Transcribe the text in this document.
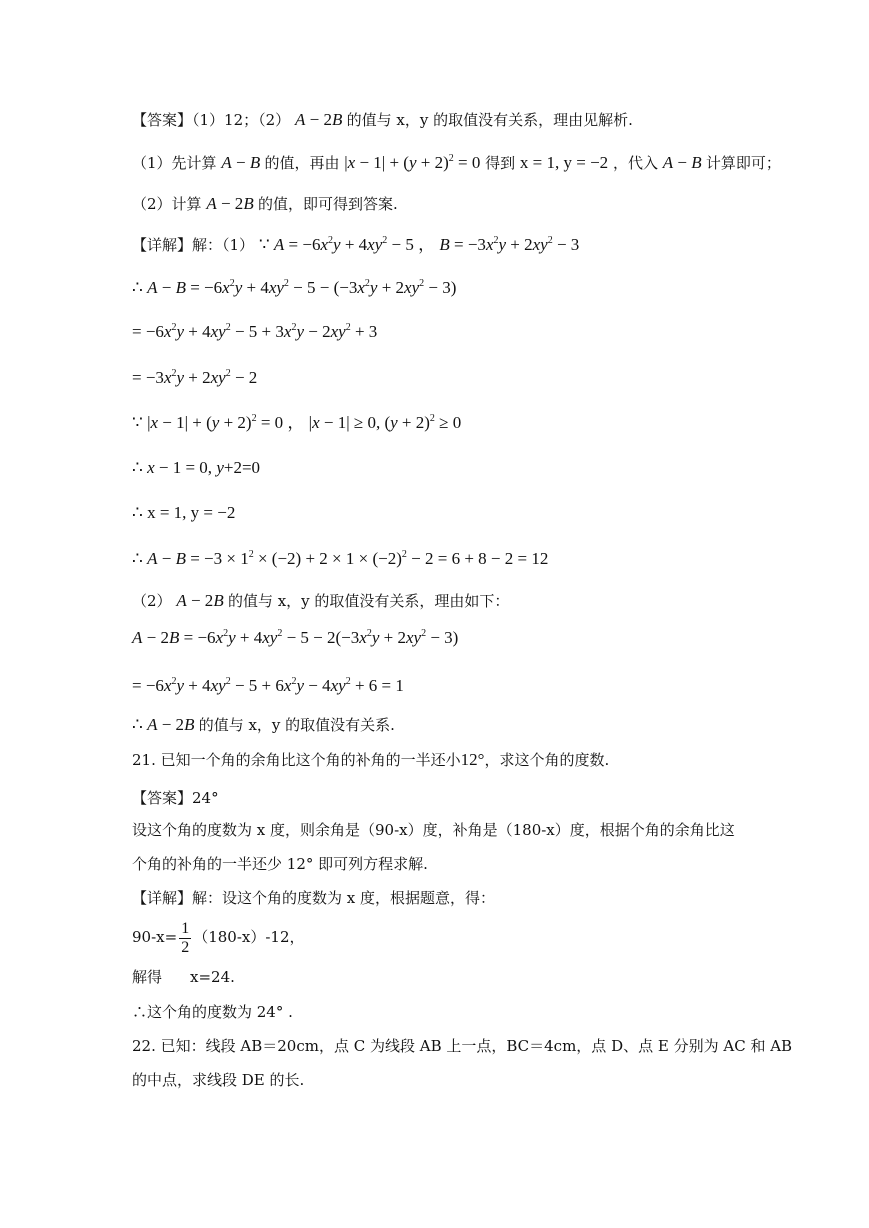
【答案】（1）12；（2） A − 2B 的值与 x，y 的取值没有关系，理由见解析.
（1）先计算 A − B 的值，再由 $|x - 1| + (y + 2)^2 = 0$ 得到 x = 1, y = −2 ，代入 A − B 计算即可；
（2）计算 A − 2B 的值，即可得到答案.
【详解】解：（1） ∵ $A = -6x^2y + 4xy^2 - 5$ ， $B = -3x^2y + 2xy^2 - 3$
∴ $A - B = -6x^2y + 4xy^2 - 5 - (-3x^2y + 2xy^2 - 3)$
= $-6x^2y + 4xy^2 - 5 + 3x^2y - 2xy^2 + 3$
= $-3x^2y + 2xy^2 - 2$
∵ $|x - 1| + (y + 2)^2 = 0$ ， |x − 1| ≥ 0, $(y + 2)^2 \ge 0$
∴ x − 1 = 0, y+2=0
∴ x = 1, y = −2
∴ $A - B = -3 \times 1^2 \times (-2) + 2 \times 1 \times (-2)^2 - 2 = 6 + 8 - 2 = 12$
（2） A − 2B 的值与 x，y 的取值没有关系，理由如下：
$A - 2B = -6x^2y + 4xy^2 - 5 - 2(-3x^2y + 2xy^2 - 3)$
= $-6x^2y + 4xy^2 - 5 + 6x^2y - 4xy^2 + 6 = 1$
∴ A − 2B 的值与 x，y 的取值没有关系.
21. 已知一个角的余角比这个角的补角的一半还小12°，求这个角的度数.
【答案】24°
设这个角的度数为 x 度，则余角是（90-x）度，补角是（180-x）度，根据个角的余角比这
个角的补角的一半还少 12° 即可列方程求解.
【详解】解：设这个角的度数为 x 度，根据题意，得：
$90-x= \frac{1}{2} (180-x)-12$，
解得 x=24.
∴这个角的度数为 24° .
22. 已知：线段 AB＝20cm，点 C 为线段 AB 上一点，BC＝4cm，点 D、点 E 分别为 AC 和 AB
的中点，求线段 DE 的长.
